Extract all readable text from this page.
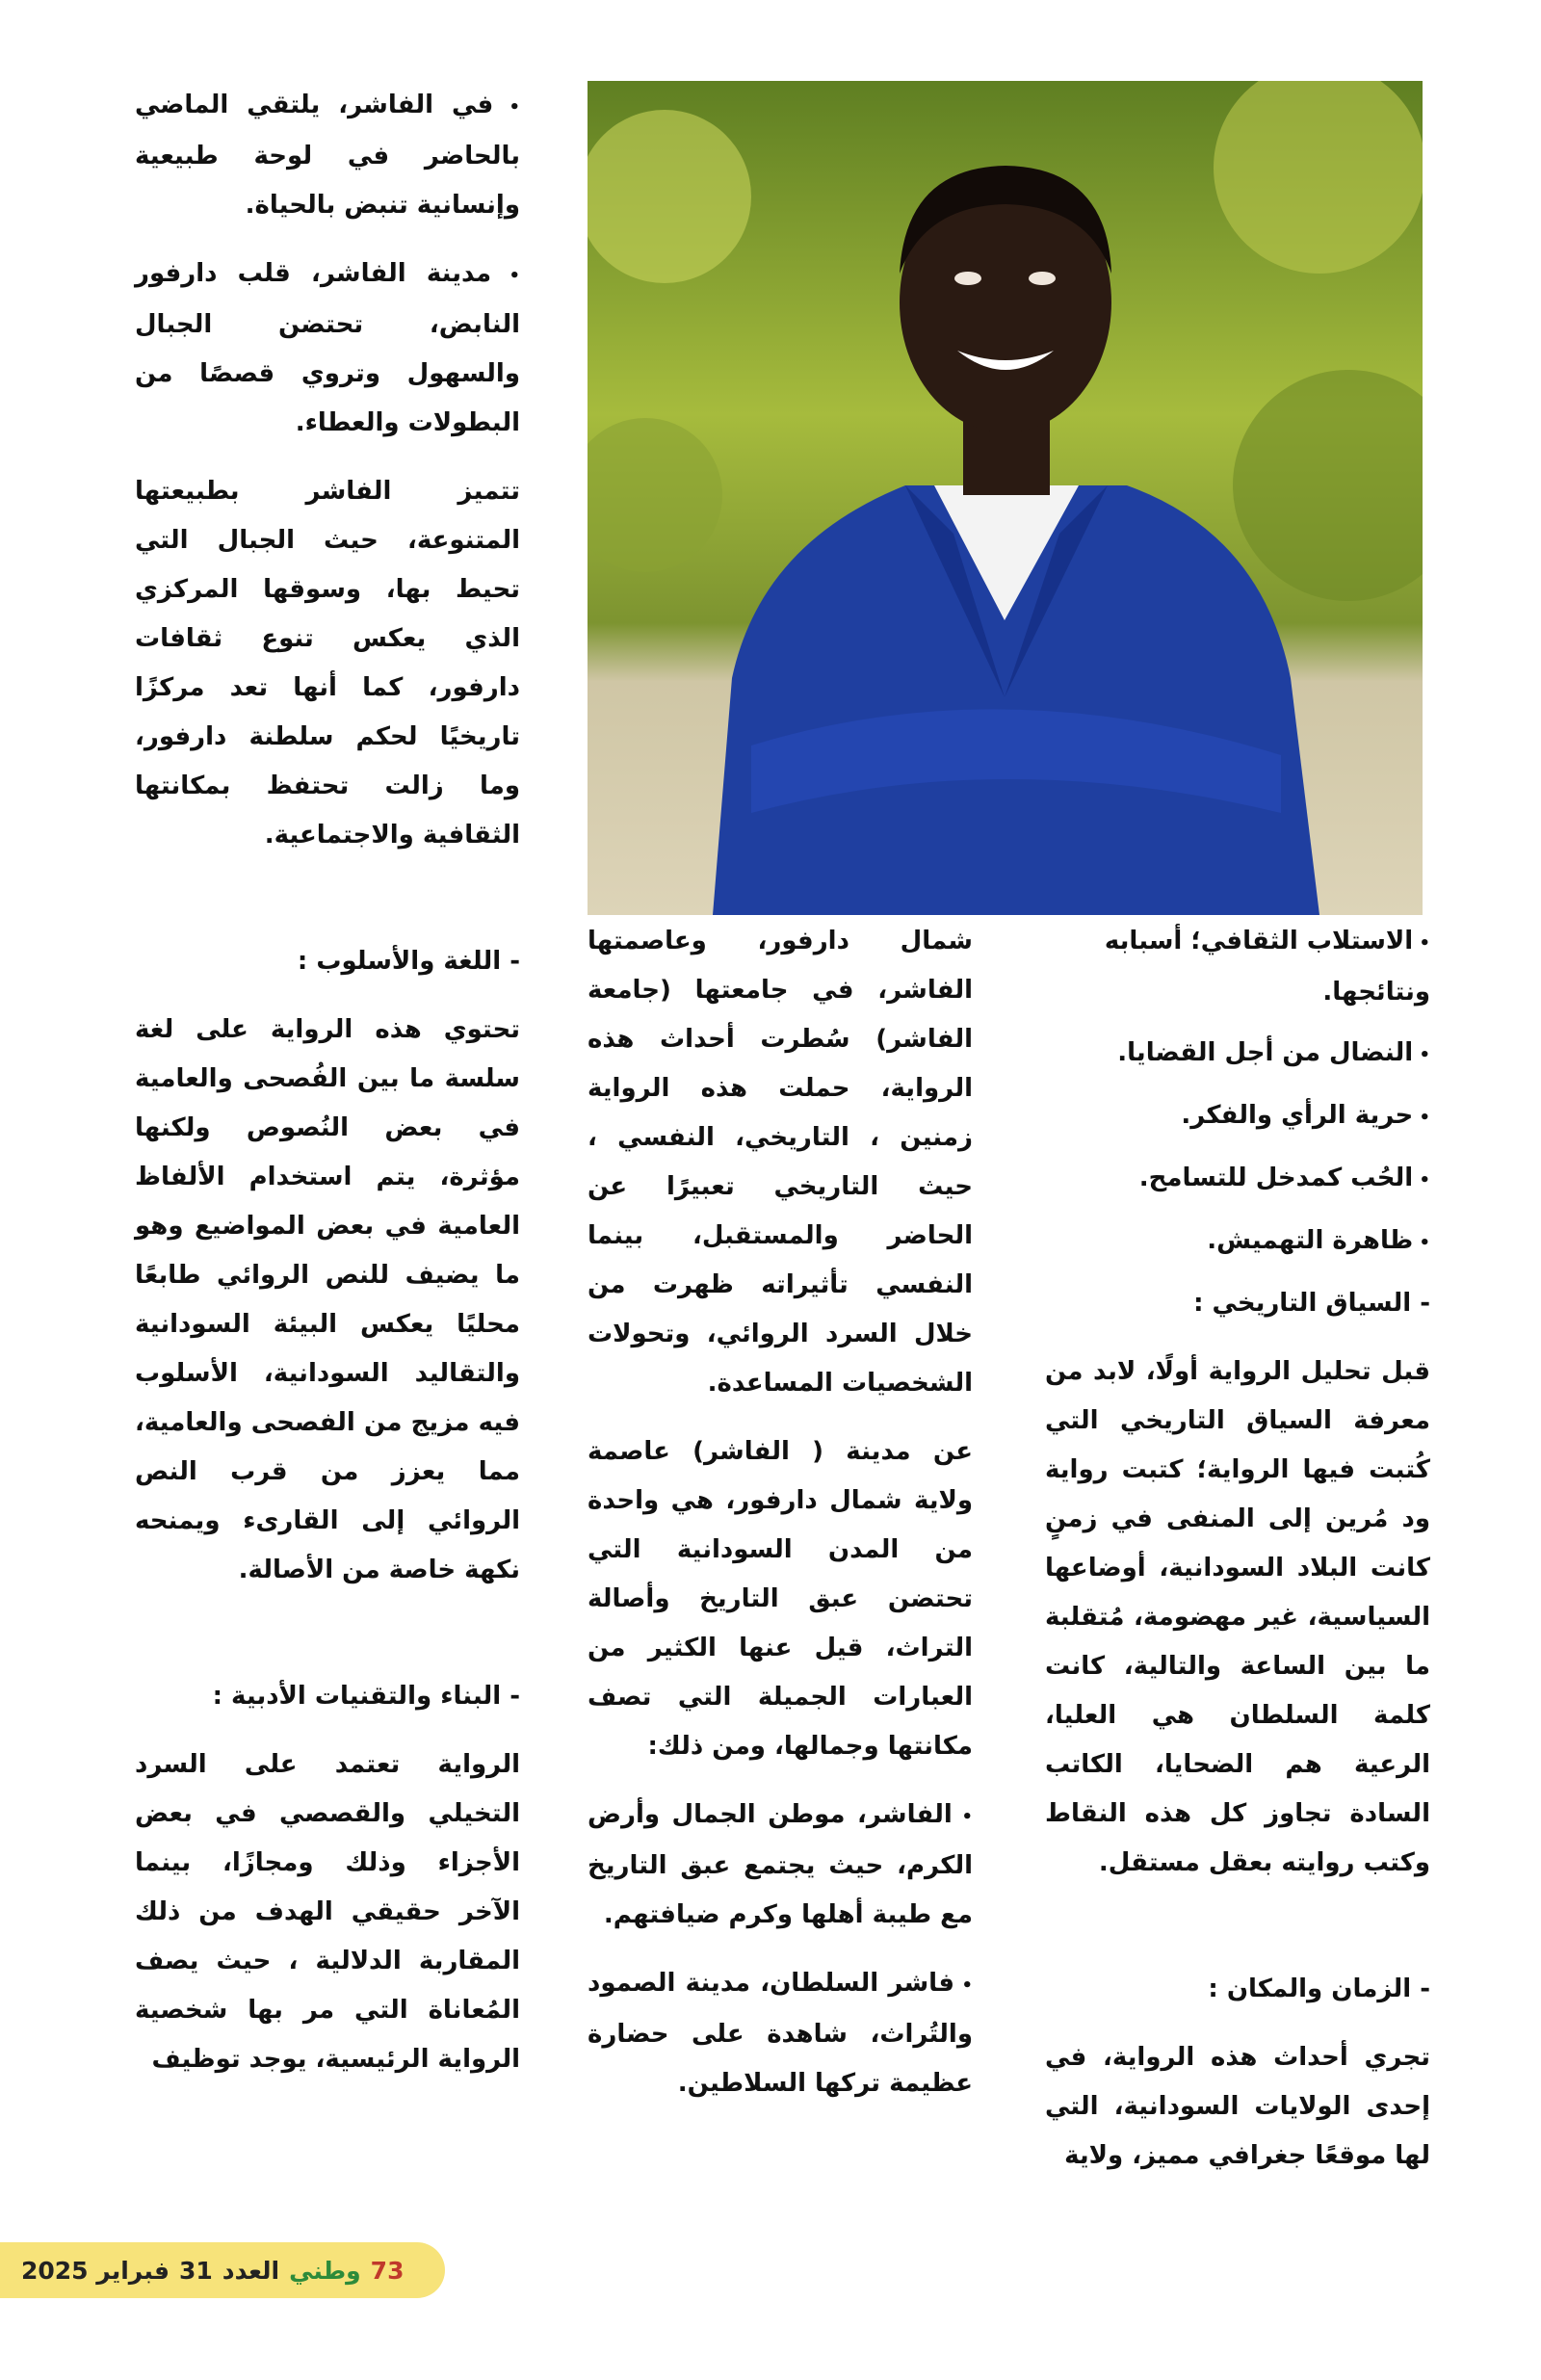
• في الفاشر، يلتقي الماضي بالحاضر في لوحة طبيعية وإنسانية تنبض بالحياة.

• مدينة الفاشر، قلب دارفور النابض، تحتضن الجبال والسهول وتروي قصصًا من البطولات والعطاء.

تتميز الفاشر بطبيعتها المتنوعة، حيث الجبال التي تحيط بها، وسوقها المركزي الذي يعكس تنوع ثقافات دارفور، كما أنها تعد مركزًا تاريخيًا لحكم سلطنة دارفور، وما زالت تحتفظ بمكانتها الثقافية والاجتماعية.

- اللغة والأسلوب :

تحتوي هذه الرواية على لغة سلسة ما بين الفُصحى والعامية في بعض النُصوص ولكنها مؤثرة، يتم استخدام الألفاظ العامية في بعض المواضيع وهو ما يضيف للنص الروائي طابعًا محليًا يعكس البيئة السودانية والتقاليد السودانية، الأسلوب فيه مزيج من الفصحى والعامية، مما يعزز من قرب النص الروائي إلى القارىء ويمنحه نكهة خاصة من الأصالة.

- البناء والتقنيات الأدبية :

الرواية تعتمد على السرد التخيلي والقصصي في بعض الأجزاء وذلك ومجازًا، بينما الآخر حقيقي الهدف من ذلك المقاربة الدلالية ، حيث يصف المُعاناة التي مر بها شخصية الرواية الرئيسية، يوجد توظيف

شمال دارفور، وعاصمتها الفاشر، في جامعتها (جامعة الفاشر) سُطرت أحداث هذه الرواية، حملت هذه الرواية زمنين ، التاريخي، النفسي ، حيث التاريخي تعبيرًا عن الحاضر والمستقبل، بينما النفسي تأثيراته ظهرت من خلال السرد الروائي، وتحولات الشخصيات المساعدة.

عن مدينة ( الفاشر) عاصمة ولاية شمال دارفور، هي واحدة من المدن السودانية التي تحتضن عبق التاريخ وأصالة التراث، قيل عنها الكثير من العبارات الجميلة التي تصف مكانتها وجمالها، ومن ذلك:

• الفاشر، موطن الجمال وأرض الكرم، حيث يجتمع عبق التاريخ مع طيبة أهلها وكرم ضيافتهم.

• فاشر السلطان، مدينة الصمود والتُراث، شاهدة على حضارة عظيمة تركها السلاطين.

• الاستلاب الثقافي؛ أسبابه ونتائجها.
• النضال من أجل القضايا.
• حرية الرأي والفكر.
• الحُب كمدخل للتسامح.
• ظاهرة التهميش.
- السياق التاريخي :

قبل تحليل الرواية أولًا، لابد من معرفة السياق التاريخي التي كُتبت فيها الرواية؛ كتبت رواية ود مُرين إلى المنفى في زمنٍ كانت البلاد السودانية، أوضاعها السياسية، غير مهضومة، مُتقلبة ما بين الساعة والتالية، كانت كلمة السلطان هي العليا، الرعية هم الضحايا، الكاتب السادة تجاوز كل هذه النقاط وكتب روايته بعقل مستقل.

- الزمان والمكان :

تجري أحداث هذه الرواية، في إحدى الولايات السودانية، التي لها موقعًا جغرافي مميز، ولاية

73
وطني
العدد
31
فبراير 2025
